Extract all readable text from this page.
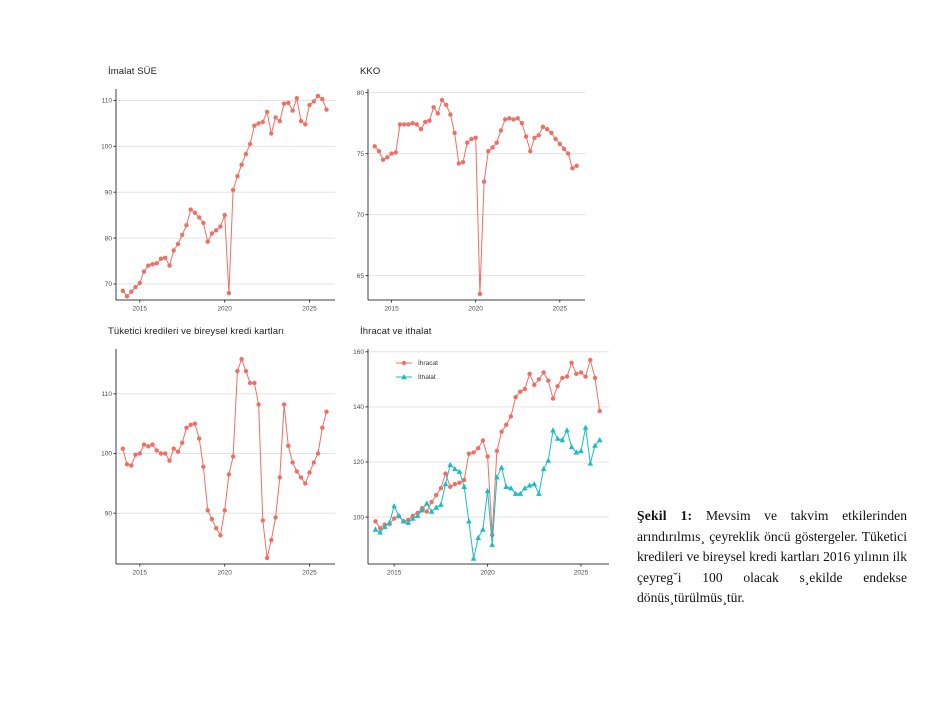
İmalat SÜE
70
80
90
100
110
2015	2020	2025
KKO
65
70
75
80
2015	2020	2025
Tüketici kredileri ve bireysel kredi kartları
90
100
110
2015	2020	2025
İhracat ve ithalat
100
120
140
160
2015	2020	2025
İhracat
İthalat
Şekil 1: Mevsim ve takvim etkilerinden arındırılmıs¸ çeyreklik öncü göstergeler. Tüketici kredileri ve bireysel kredi kartları 2016 yılının ilk çeyreg˘i 100 olacak s¸ekilde endekse dönüs¸türülmüs¸tür.
